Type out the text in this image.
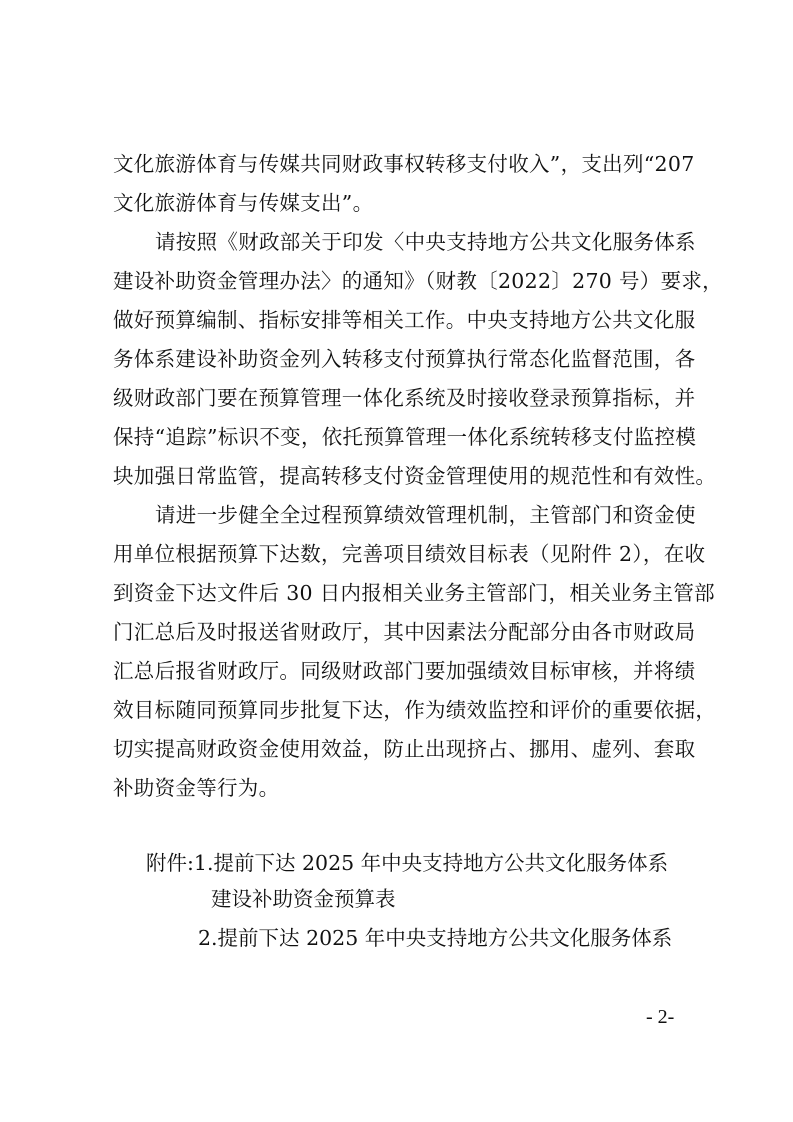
文化旅游体育与传媒共同财政事权转移支付收入”，支出列“207
文化旅游体育与传媒支出”。
请按照《财政部关于印发〈中央支持地方公共文化服务体系
建设补助资金管理办法〉的通知》（财教〔2022〕270 号）要求，
做好预算编制、指标安排等相关工作。中央支持地方公共文化服
务体系建设补助资金列入转移支付预算执行常态化监督范围，各
级财政部门要在预算管理一体化系统及时接收登录预算指标，并
保持“追踪”标识不变，依托预算管理一体化系统转移支付监控模
块加强日常监管，提高转移支付资金管理使用的规范性和有效性。
请进一步健全全过程预算绩效管理机制，主管部门和资金使
用单位根据预算下达数，完善项目绩效目标表（见附件 2），在收
到资金下达文件后 30 日内报相关业务主管部门，相关业务主管部
门汇总后及时报送省财政厅，其中因素法分配部分由各市财政局
汇总后报省财政厅。同级财政部门要加强绩效目标审核，并将绩
效目标随同预算同步批复下达，作为绩效监控和评价的重要依据，
切实提高财政资金使用效益，防止出现挤占、挪用、虚列、套取
补助资金等行为。
附件:1.提前下达 2025 年中央支持地方公共文化服务体系
建设补助资金预算表
2.提前下达 2025 年中央支持地方公共文化服务体系
- 2-
